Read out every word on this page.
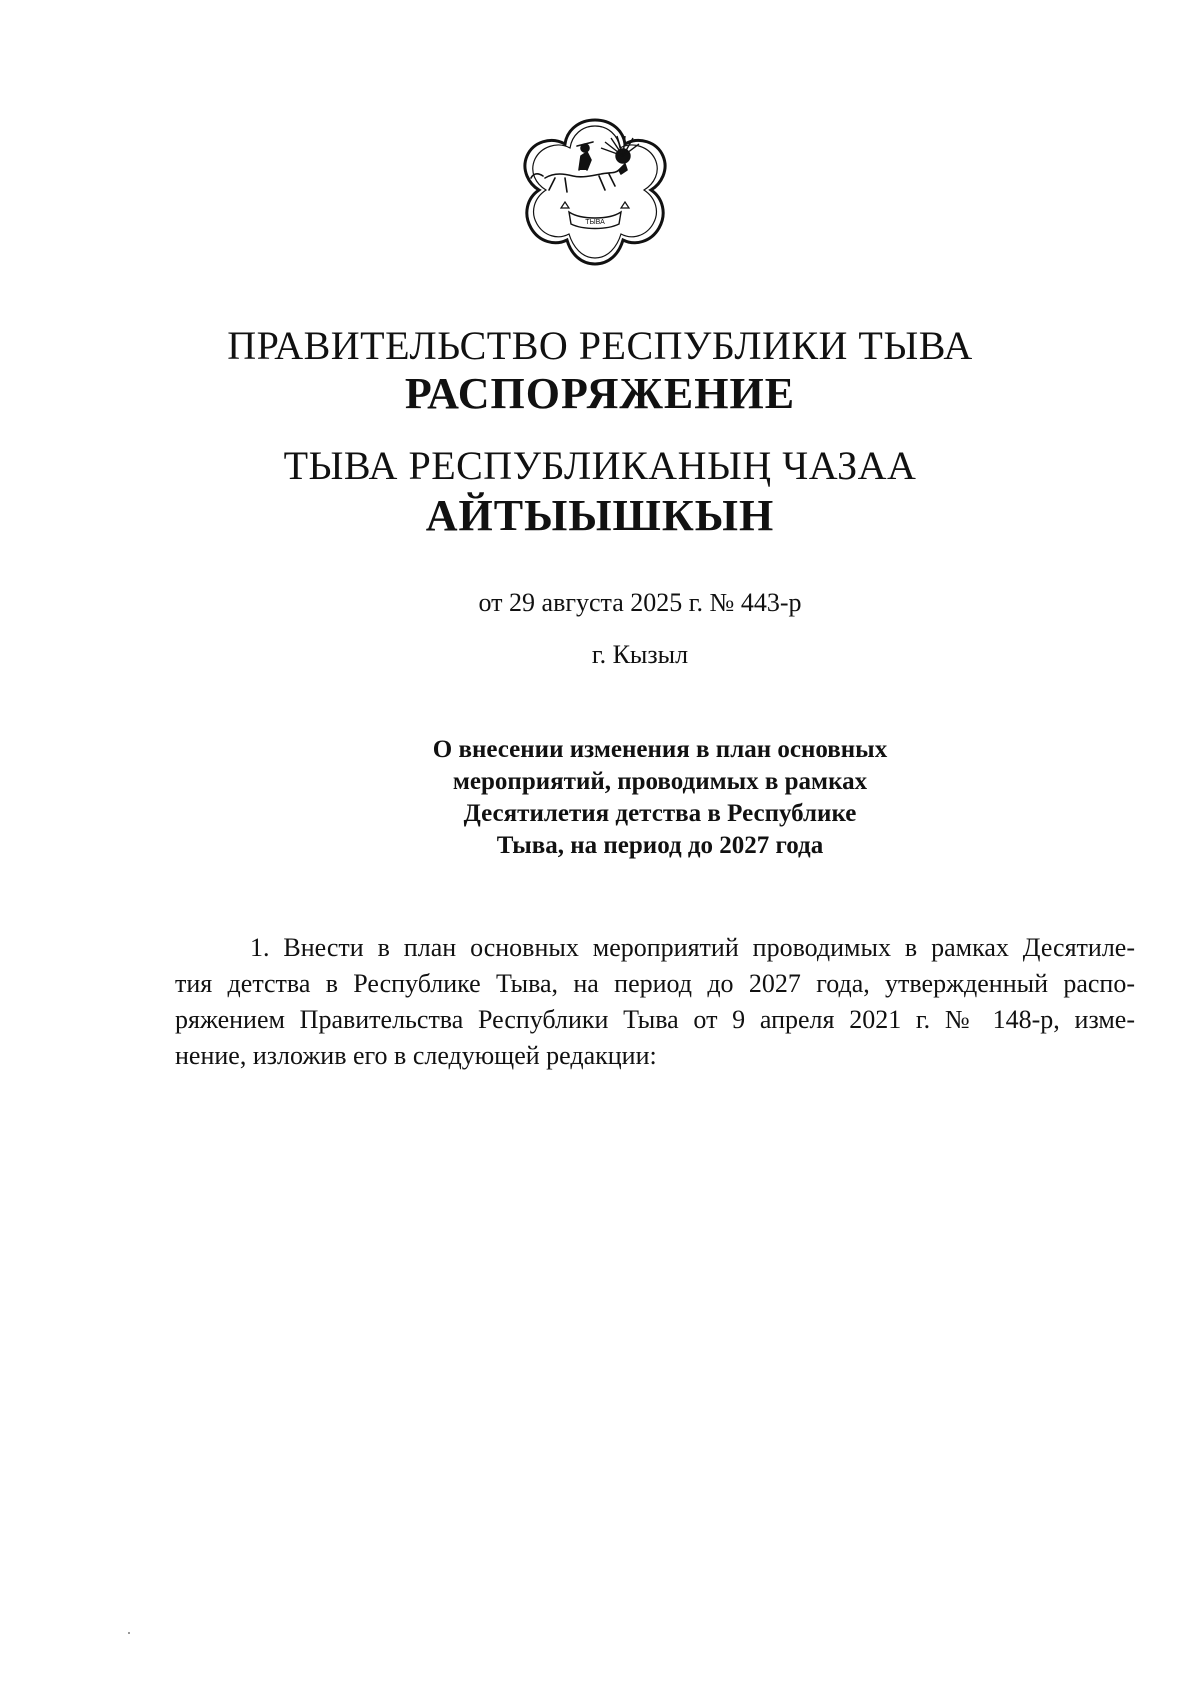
ТЫВА
ПРАВИТЕЛЬСТВО РЕСПУБЛИКИ ТЫВА
РАСПОРЯЖЕНИЕ
ТЫВА РЕСПУБЛИКАНЫҢ ЧАЗАА
АЙТЫЫШКЫН
от 29 августа 2025 г. № 443-р
г. Кызыл
О внесении изменения в план основных
мероприятий, проводимых в рамках
Десятилетия детства в Республике
Тыва, на период до 2027 года
1. Внести в план основных мероприятий проводимых в рамках Десятиле-
тия детства в Республике Тыва, на период до 2027 года, утвержденный распо-
ряжением Правительства Республики Тыва от 9 апреля 2021 г. № 148-р, изме-
нение, изложив его в следующей редакции:
